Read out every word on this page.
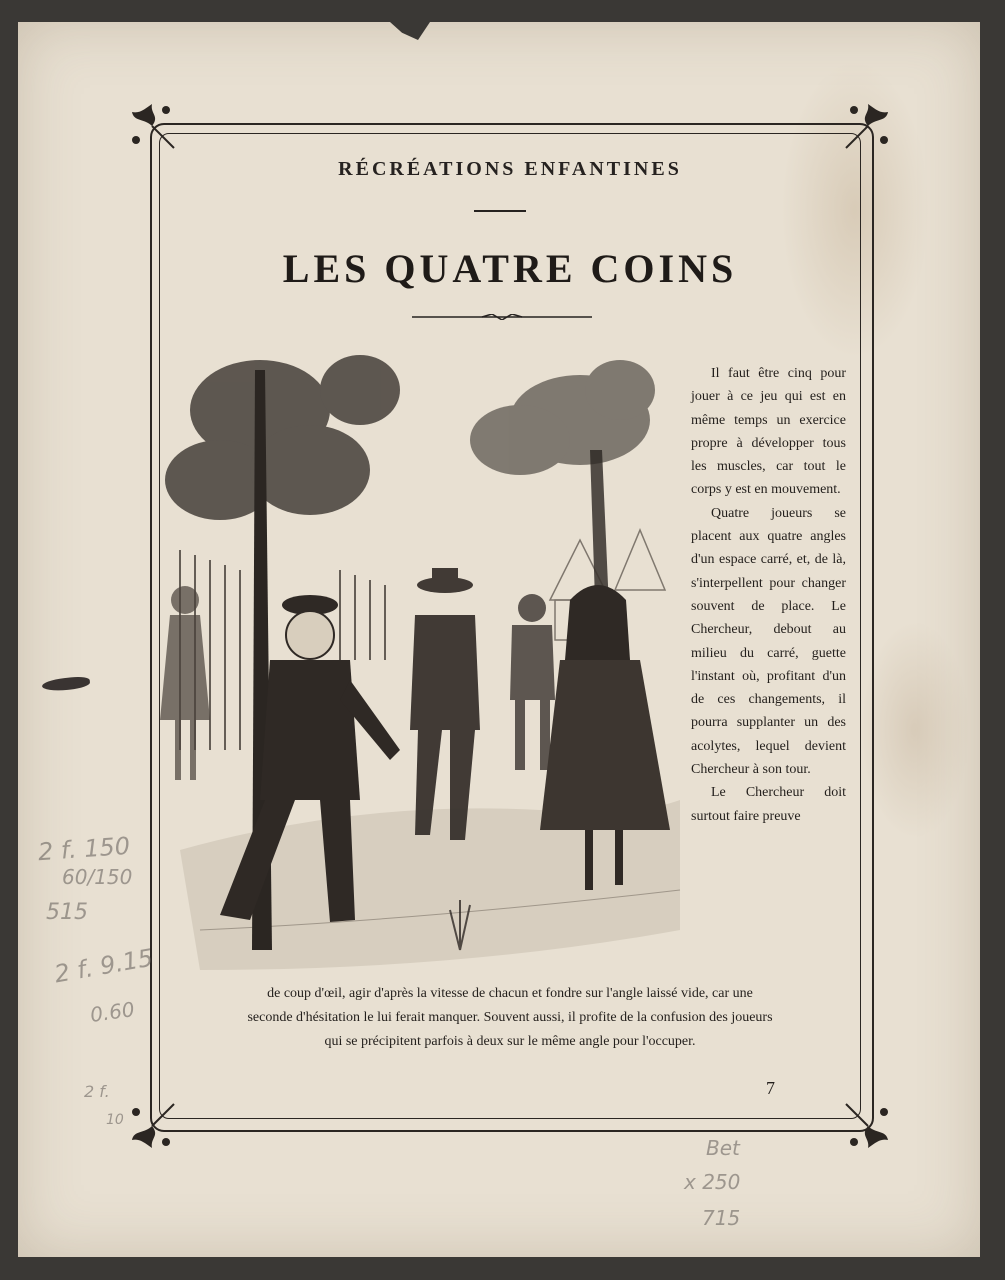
RÉCRÉATIONS ENFANTINES
LES QUATRE COINS

Il faut être cinq pour jouer à ce jeu qui est en même temps un exercice propre à développer tous les muscles, car tout le corps y est en mouvement.

Quatre joueurs se placent aux quatre angles d'un espace carré, et, de là, s'interpellent pour changer souvent de place. Le Chercheur, debout au milieu du carré, guette l'instant où, profitant d'un de ces changements, il pourra supplanter un des acolytes, lequel devient Chercheur à son tour.

Le Chercheur doit surtout faire preuve

de coup d'œil, agir d'après la vitesse de chacun et fondre sur l'angle laissé vide, car une
seconde d'hésitation le lui ferait manquer. Souvent aussi, il profite de la confusion des joueurs
qui se précipitent parfois à deux sur le même angle pour l'occuper.
7
2 f. 150
60/150
515
2 f. 9.15
0.60
2 f.
10
Bet
x 250
715
